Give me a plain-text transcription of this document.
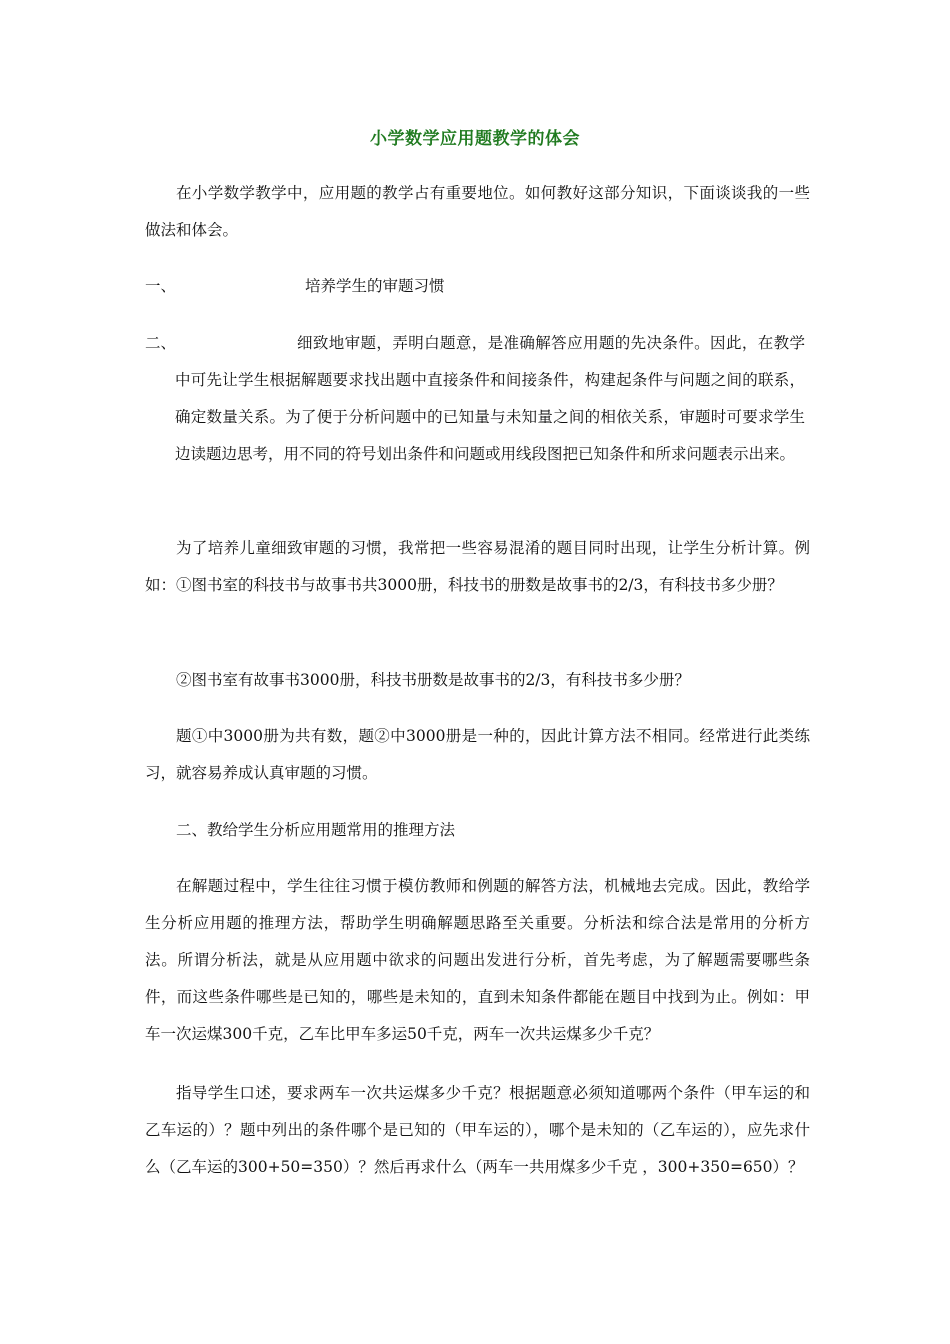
小学数学应用题教学的体会

在小学数学教学中，应用题的教学占有重要地位。如何教好这部分知识，下面谈谈我的一些做法和体会。

一、	培养学生的审题习惯
二、	细致地审题，弄明白题意，是准确解答应用题的先决条件。因此，在教学中可先让学生根据解题要求找出题中直接条件和间接条件，构建起条件与问题之间的联系，确定数量关系。为了便于分析问题中的已知量与未知量之间的相依关系，审题时可要求学生边读题边思考，用不同的符号划出条件和问题或用线段图把已知条件和所求问题表示出来。

为了培养儿童细致审题的习惯，我常把一些容易混淆的题目同时出现，让学生分析计算。例如：①图书室的科技书与故事书共3000册，科技书的册数是故事书的2/3，有科技书多少册？

②图书室有故事书3000册，科技书册数是故事书的2/3，有科技书多少册？

题①中3000册为共有数，题②中3000册是一种的，因此计算方法不相同。经常进行此类练习，就容易养成认真审题的习惯。

二、教给学生分析应用题常用的推理方法

在解题过程中，学生往往习惯于模仿教师和例题的解答方法，机械地去完成。因此，教给学生分析应用题的推理方法，帮助学生明确解题思路至关重要。分析法和综合法是常用的分析方法。所谓分析法，就是从应用题中欲求的问题出发进行分析，首先考虑，为了解题需要哪些条件，而这些条件哪些是已知的，哪些是未知的，直到未知条件都能在题目中找到为止。例如：甲车一次运煤300千克，乙车比甲车多运50千克，两车一次共运煤多少千克？

指导学生口述，要求两车一次共运煤多少千克？根据题意必须知道哪两个条件（甲车运的和乙车运的）？题中列出的条件哪个是已知的（甲车运的），哪个是未知的（乙车运的），应先求什么（乙车运的300+50=350）？然后再求什么（两车一共用煤多少千克 ，300+350=650）？
